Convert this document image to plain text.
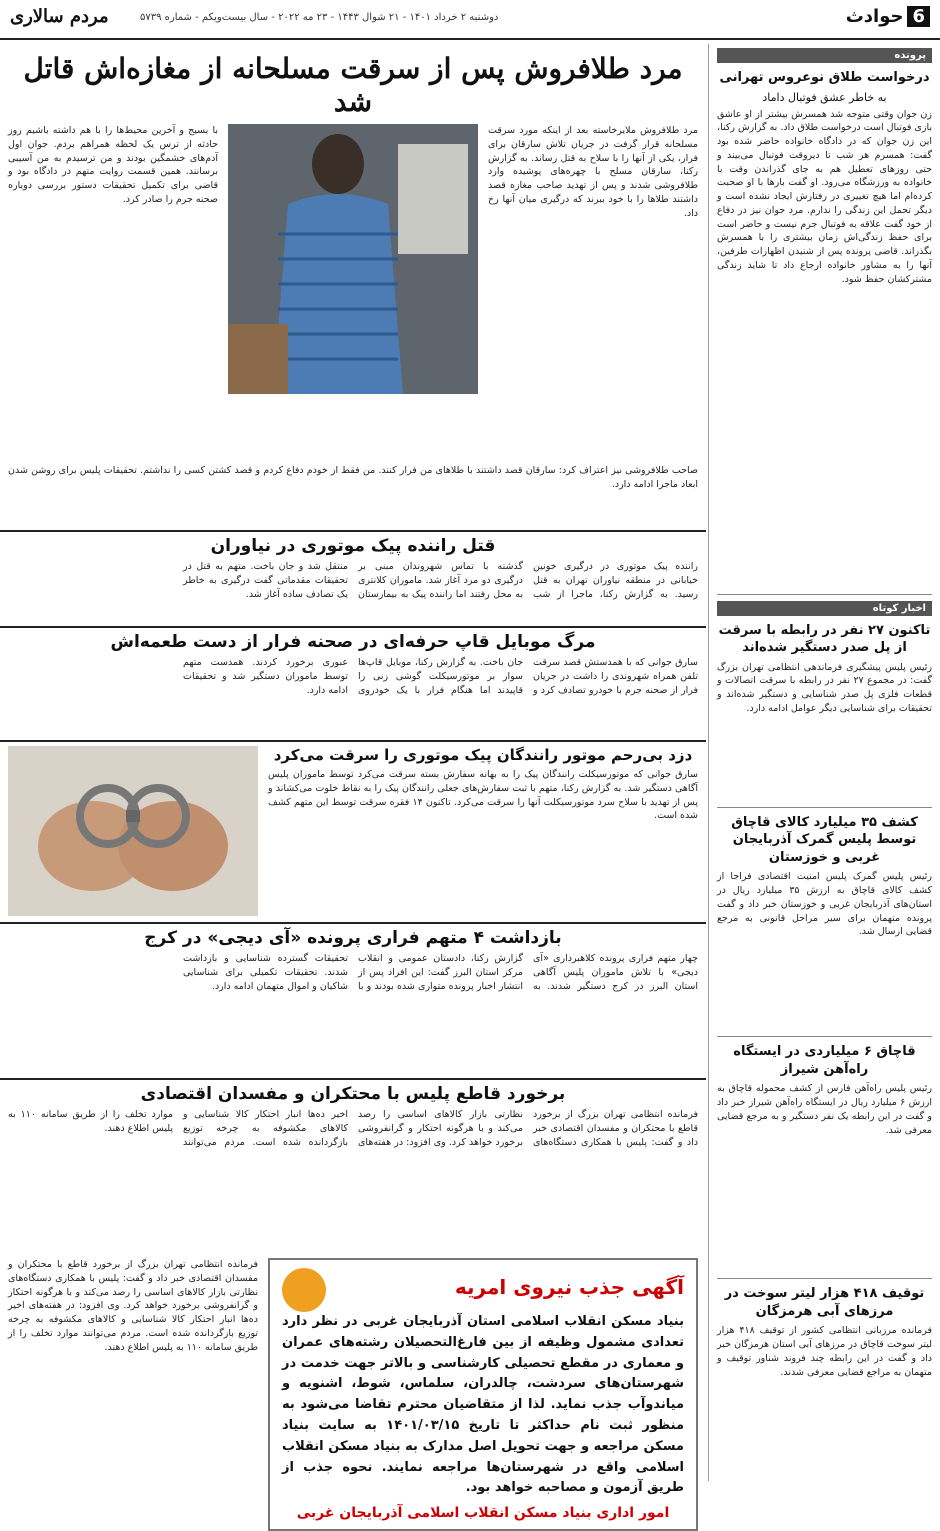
6حوادث
دوشنبه ۲ خرداد ۱۴۰۱ - ۲۱ شوال ۱۴۴۳ - ۲۳ مه ۲۰۲۲ - سال بیست‌و‌یکم - شماره ۵۷۳۹
مردم سالاری
پرونده
درخواست طلاق نوعروس تهرانی
به خاطر عشق فوتبال داماد

زن جوان وقتی متوجه شد همسرش بیشتر از او عاشق بازی فوتبال است درخواست طلاق داد. به گزارش رکنا، این زن جوان که در دادگاه خانواده حاضر شده بود گفت: همسرم هر شب تا دیروقت فوتبال می‌بیند و حتی روزهای تعطیل هم به جای گذراندن وقت با خانواده به ورزشگاه می‌رود. او گفت بارها با او صحبت کرده‌ام اما هیچ تغییری در رفتارش ایجاد نشده است و دیگر تحمل این زندگی را ندارم. مرد جوان نیز در دفاع از خود گفت علاقه به فوتبال جرم نیست و حاضر است برای حفظ زندگی‌اش زمان بیشتری را با همسرش بگذراند. قاضی پرونده پس از شنیدن اظهارات طرفین، آنها را به مشاور خانواده ارجاع داد تا شاید زندگی مشترکشان حفظ شود.

اخبار کوتاه
تاکنون ۲۷ نفر در رابطه با سرقت از پل صدر دستگیر شده‌اند

رئیس پلیس پیشگیری فرماندهی انتظامی تهران بزرگ گفت: در مجموع ۲۷ نفر در رابطه با سرقت اتصالات و قطعات فلزی پل صدر شناسایی و دستگیر شده‌اند و تحقیقات برای شناسایی دیگر عوامل ادامه دارد.

کشف ۳۵ میلیارد کالای قاچاق توسط پلیس گمرک آذربایجان غربی و خوزستان

رئیس پلیس گمرک پلیس امنیت اقتصادی فراجا از کشف کالای قاچاق به ارزش ۳۵ میلیارد ریال در استان‌های آذربایجان غربی و خوزستان خبر داد و گفت پرونده متهمان برای سیر مراحل قانونی به مرجع قضایی ارسال شد.

قاچاق ۶ میلیاردی در ایستگاه راه‌آهن شیراز

رئیس پلیس راه‌آهن فارس از کشف محموله قاچاق به ارزش ۶ میلیارد ریال در ایستگاه راه‌آهن شیراز خبر داد و گفت در این رابطه یک نفر دستگیر و به مرجع قضایی معرفی شد.

توقیف ۴۱۸ هزار لیتر سوخت در مرزهای آبی هرمزگان

فرمانده مرزبانی انتظامی کشور از توقیف ۴۱۸ هزار لیتر سوخت قاچاق در مرزهای آبی استان هرمزگان خبر داد و گفت در این رابطه چند فروند شناور توقیف و متهمان به مراجع قضایی معرفی شدند.

مرد طلافروش پس از سرقت مسلحانه از مغازه‌اش قاتل شد

مرد طلافروش ملایرخاسته بعد از اینکه مورد سرقت مسلحانه قرار گرفت در جریان تلاش سارقان برای فرار، یکی از آنها را با سلاح به قتل رساند. به گزارش رکنا، سارقان مسلح با چهره‌های پوشیده وارد طلافروشی شدند و پس از تهدید صاحب مغازه قصد داشتند طلاها را با خود ببرند که درگیری میان آنها رخ داد.

با بسیج و آخرین محیط‌ها را با هم داشته باشیم روز حادثه از ترس یک لحظه همراهم بردم. جوان اول آدم‌های خشمگین بودند و من ترسیدم به من آسیبی برسانند. همین قسمت روایت متهم در دادگاه بود و قاضی برای تکمیل تحقیقات دستور بررسی دوباره صحنه جرم را صادر کرد.

صاحب طلافروشی نیز اعتراف کرد: سارقان قصد داشتند با طلاهای من فرار کنند. من فقط از خودم دفاع کردم و قصد کشتن کسی را نداشتم. تحقیقات پلیس برای روشن شدن ابعاد ماجرا ادامه دارد.

قتل راننده پیک موتوری در نیاوران

راننده پیک موتوری در درگیری خونین خیابانی در منطقه نیاوران تهران به قتل رسید. به گزارش رکنا، ماجرا از شب گذشته با تماس شهروندان مبنی بر درگیری دو مرد آغاز شد. ماموران کلانتری به محل رفتند اما راننده پیک به بیمارستان منتقل شد و جان باخت. متهم به قتل در تحقیقات مقدماتی گفت درگیری به خاطر یک تصادف ساده آغاز شد.

مرگ موبایل قاپ حرفه‌ای در صحنه فرار از دست طعمه‌اش

سارق جوانی که با همدستش قصد سرقت تلفن همراه شهروندی را داشت در جریان فرار از صحنه جرم با خودرو تصادف کرد و جان باخت. به گزارش رکنا، موبایل قاپ‌ها سوار بر موتورسیکلت گوشی زنی را قاپیدند اما هنگام فرار با یک خودروی عبوری برخورد کردند. همدست متهم توسط ماموران دستگیر شد و تحقیقات ادامه دارد.

دزد بی‌رحم موتور رانندگان پیک موتوری را سرقت می‌کرد

سارق جوانی که موتورسیکلت رانندگان پیک را به بهانه سفارش بسته سرقت می‌کرد توسط ماموران پلیس آگاهی دستگیر شد. به گزارش رکنا، متهم با ثبت سفارش‌های جعلی رانندگان پیک را به نقاط خلوت می‌کشاند و پس از تهدید با سلاح سرد موتورسیکلت آنها را سرقت می‌کرد. تاکنون ۱۴ فقره سرقت توسط این متهم کشف شده است.

بازداشت ۴ متهم فراری پرونده «آی دیجی» در کرج

چهار متهم فراری پرونده کلاهبرداری «آی دیجی» با تلاش ماموران پلیس آگاهی استان البرز در کرج دستگیر شدند. به گزارش رکنا، دادستان عمومی و انقلاب مرکز استان البرز گفت: این افراد پس از انتشار اخبار پرونده متواری شده بودند و با تحقیقات گسترده شناسایی و بازداشت شدند. تحقیقات تکمیلی برای شناسایی شاکیان و اموال متهمان ادامه دارد.

برخورد قاطع پلیس با محتکران و مفسدان اقتصادی

فرمانده انتظامی تهران بزرگ از برخورد قاطع با محتکران و مفسدان اقتصادی خبر داد و گفت: پلیس با همکاری دستگاه‌های نظارتی بازار کالاهای اساسی را رصد می‌کند و با هرگونه احتکار و گرانفروشی برخورد خواهد کرد. وی افزود: در هفته‌های اخیر ده‌ها انبار احتکار کالا شناسایی و کالاهای مکشوفه به چرخه توزیع بازگردانده شده است. مردم می‌توانند موارد تخلف را از طریق سامانه ۱۱۰ به پلیس اطلاع دهند.

آگهی جذب نیروی امریه

بنیاد مسکن انقلاب اسلامی استان آذربایجان غربی در نظر دارد تعدادی مشمول وظیفه از بین فارغ‌التحصیلان رشته‌های عمران و معماری در مقطع تحصیلی کارشناسی و بالاتر جهت خدمت در شهرستان‌های سردشت، چالدران، سلماس، شوط، اشنویه و میاندوآب جذب نماید. لذا از متقاضیان محترم تقاضا می‌شود به منظور ثبت نام حداکثر تا تاریخ ۱۴۰۱/۰۳/۱۵ به سایت بنیاد مسکن مراجعه و جهت تحویل اصل مدارک به بنیاد مسکن انقلاب اسلامی واقع در شهرستان‌ها مراجعه نمایند. نحوه جذب از طریق آزمون و مصاحبه خواهد بود.

امور اداری بنیاد مسکن انقلاب اسلامی آذربایجان غربی

فرمانده انتظامی تهران بزرگ از برخورد قاطع با محتکران و مفسدان اقتصادی خبر داد و گفت: پلیس با همکاری دستگاه‌های نظارتی بازار کالاهای اساسی را رصد می‌کند و با هرگونه احتکار و گرانفروشی برخورد خواهد کرد. وی افزود: در هفته‌های اخیر ده‌ها انبار احتکار کالا شناسایی و کالاهای مکشوفه به چرخه توزیع بازگردانده شده است. مردم می‌توانند موارد تخلف را از طریق سامانه ۱۱۰ به پلیس اطلاع دهند.
